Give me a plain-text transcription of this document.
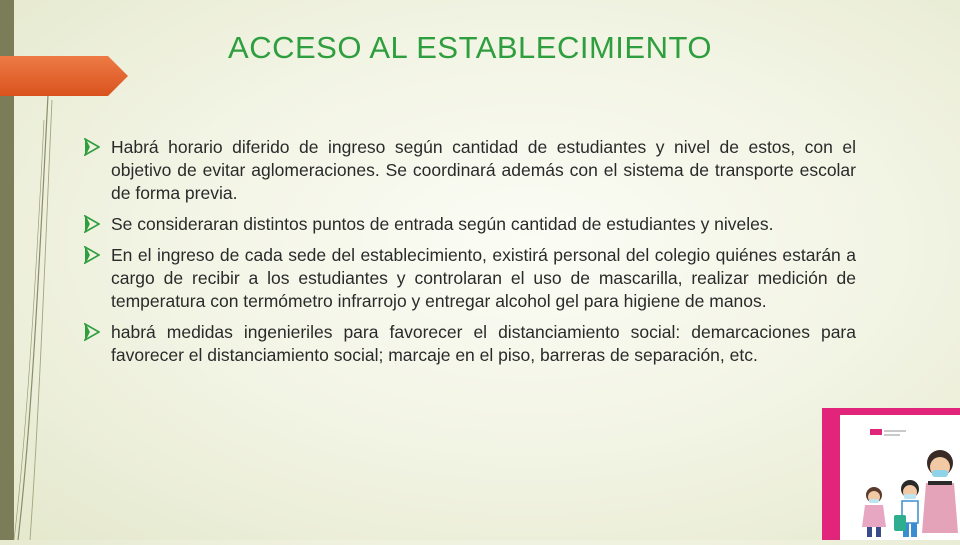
ACCESO AL ESTABLECIMIENTO
Habrá horario diferido de ingreso según cantidad de estudiantes y nivel de estos, con el objetivo de evitar aglomeraciones. Se coordinará además con el sistema de transporte escolar de forma previa.
Se consideraran distintos puntos de entrada según cantidad de estudiantes y niveles.
En el ingreso de cada sede del establecimiento, existirá personal del colegio quiénes estarán a cargo de recibir a los estudiantes y controlaran el uso de mascarilla, realizar medición de temperatura con termómetro infrarrojo y entregar alcohol gel para higiene de manos.
habrá medidas ingenieriles para favorecer el distanciamiento social: demarcaciones para favorecer el distanciamiento social; marcaje en el piso, barreras de separación, etc.
